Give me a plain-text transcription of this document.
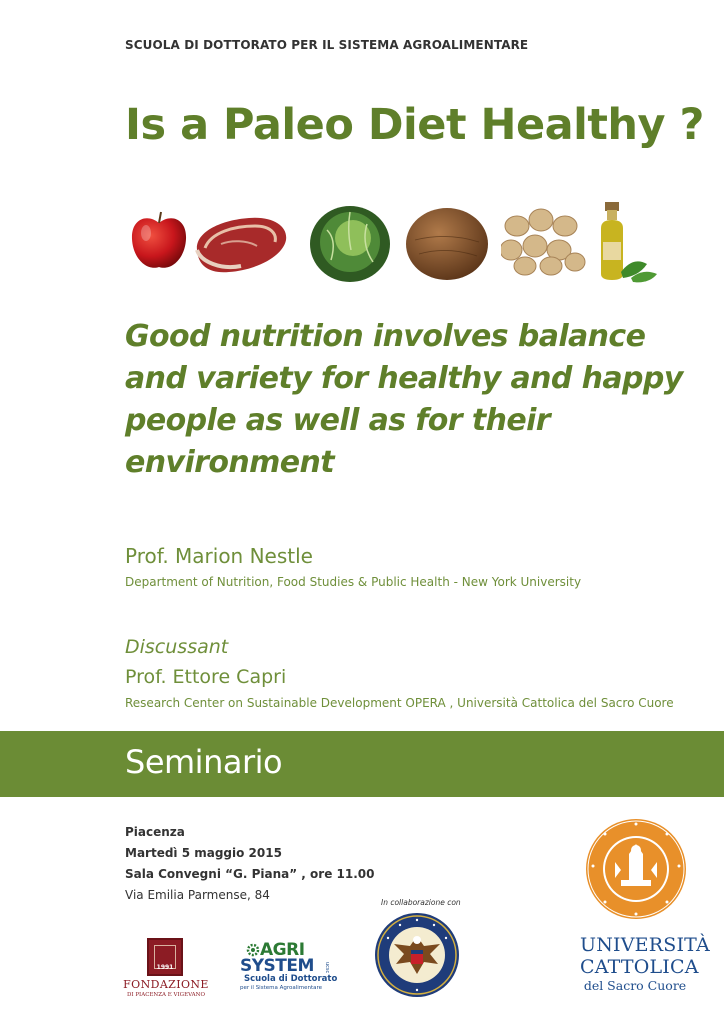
SCUOLA DI DOTTORATO PER IL SISTEMA AGROALIMENTARE
Is a Paleo Diet Healthy ?
Good nutrition involves balance and variety for healthy and happy people as well as for their environment
Prof. Marion Nestle
Department of Nutrition, Food Studies & Public Health - New York University
Discussant
Prof. Ettore Capri
Research Center on Sustainable Development OPERA , Università Cattolica del Sacro Cuore
Seminario
Piacenza
Martedì 5 maggio 2015
Sala Convegni “G. Piana” , ore 11.00
Via Emilia Parmense, 84
In collaborazione con
1991
FONDAZIONE
DI PIACENZA E VIGEVANO
AGRI
SYSTEM ucsc
Scuola di Dottorato
per il Sistema Agroalimentare
UNIVERSITÀ
CATTOLICA
del Sacro Cuore
